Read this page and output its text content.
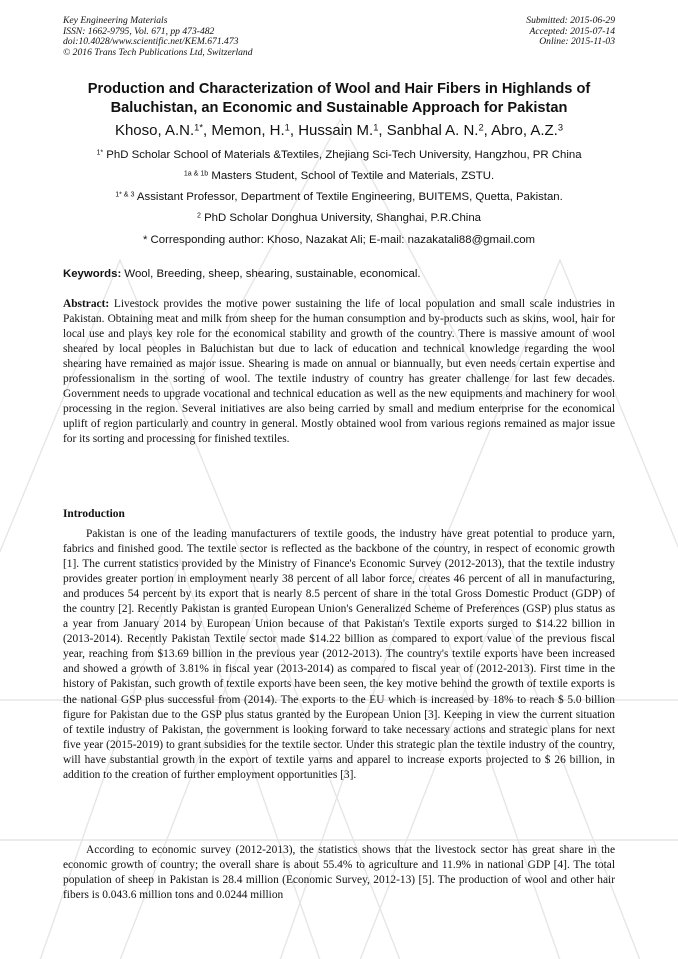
Key Engineering Materials
ISSN: 1662-9795, Vol. 671, pp 473-482
doi:10.4028/www.scientific.net/KEM.671.473
© 2016 Trans Tech Publications Ltd, Switzerland
Submitted: 2015-06-29
Accepted: 2015-07-14
Online: 2015-11-03
Production and Characterization of Wool and Hair Fibers in Highlands of Baluchistan, an Economic and Sustainable Approach for Pakistan
Khoso, A.N.$^{1*}$, Memon, H.$^1$, Hussain M.$^1$, Sanbhal A. N.$^2$, Abro, A.Z.$^3$
$^{1*}$ PhD Scholar School of Materials &Textiles, Zhejiang Sci-Tech University, Hangzhou, PR China
$^{1a \& 1b}$ Masters Student, School of Textile and Materials, ZSTU.
$^{1* \& 3}$ Assistant Professor, Department of Textile Engineering, BUITEMS, Quetta, Pakistan.
$^2$ PhD Scholar Donghua University, Shanghai, P.R.China
* Corresponding author: Khoso, Nazakat Ali; E-mail: nazakatali88@gmail.com
Keywords: Wool, Breeding, sheep, shearing, sustainable, economical.

Abstract: Livestock provides the motive power sustaining the life of local population and small scale industries in Pakistan. Obtaining meat and milk from sheep for the human consumption and by-products such as skins, wool, hair for local use and plays key role for the economical stability and growth of the country. There is massive amount of wool sheared by local peoples in Baluchistan but due to lack of education and technical knowledge regarding the wool shearing have remained as major issue. Shearing is made on annual or biannually, but even needs certain expertise and professionalism in the sorting of wool. The textile industry of country has greater challenge for last few decades. Government needs to upgrade vocational and technical education as well as the new equipments and machinery for wool processing in the region. Several initiatives are also being carried by small and medium enterprise for the economical uplift of region particularly and country in general. Mostly obtained wool from various regions remained as major issue for its sorting and processing for finished textiles.

Introduction

Pakistan is one of the leading manufacturers of textile goods, the industry have great potential to produce yarn, fabrics and finished good. The textile sector is reflected as the backbone of the country, in respect of economic growth [1]. The current statistics provided by the Ministry of Finance's Economic Survey (2012-2013), that the textile industry provides greater portion in employment nearly 38 percent of all labor force, creates 46 percent of all in manufacturing, and produces 54 percent by its export that is nearly 8.5 percent of share in the total Gross Domestic Product (GDP) of the country [2]. Recently Pakistan is granted European Union's Generalized Scheme of Preferences (GSP) plus status as a year from January 2014 by European Union because of that Pakistan's Textile exports surged to $14.22 billion in (2013-2014). Recently Pakistan Textile sector made $14.22 billion as compared to export value of the previous fiscal year, reaching from $13.69 billion in the previous year (2012-2013). The country's textile exports have been increased and showed a growth of 3.81% in fiscal year (2013-2014) as compared to fiscal year of (2012-2013). First time in the history of Pakistan, such growth of textile exports have been seen, the key motive behind the growth of textile exports is the national GSP plus successful from (2014). The exports to the EU which is increased by 18% to reach $ 5.0 billion figure for Pakistan due to the GSP plus status granted by the European Union [3]. Keeping in view the current situation of textile industry of Pakistan, the government is looking forward to take necessary actions and strategic plans for next five year (2015-2019) to grant subsidies for the textile sector. Under this strategic plan the textile industry of the country, will have substantial growth in the export of textile yarns and apparel to increase exports projected to $ 26 billion, in addition to the creation of further employment opportunities [3].

According to economic survey (2012-2013), the statistics shows that the livestock sector has great share in the economic growth of country; the overall share is about 55.4% to agriculture and 11.9% in national GDP [4]. The total population of sheep in Pakistan is 28.4 million (Economic Survey, 2012-13) [5]. The production of wool and other hair fibers is 0.043.6 million tons and 0.0244 million
